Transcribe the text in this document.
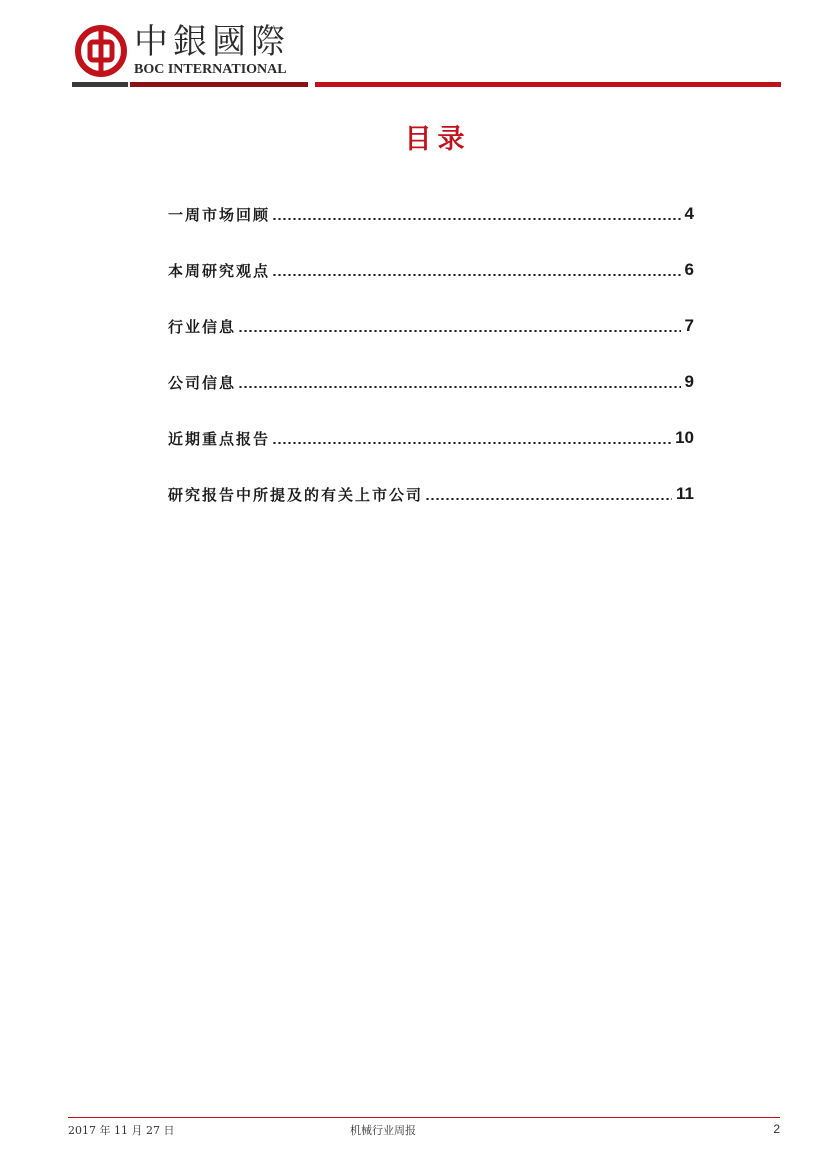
中銀國際
BOC INTERNATIONAL
目录
一周市场回顾	4
本周研究观点	6
行业信息	7
公司信息	9
近期重点报告	10
研究报告中所提及的有关上市公司	11
2017 年 11 月 27 日	机械行业周报	2
